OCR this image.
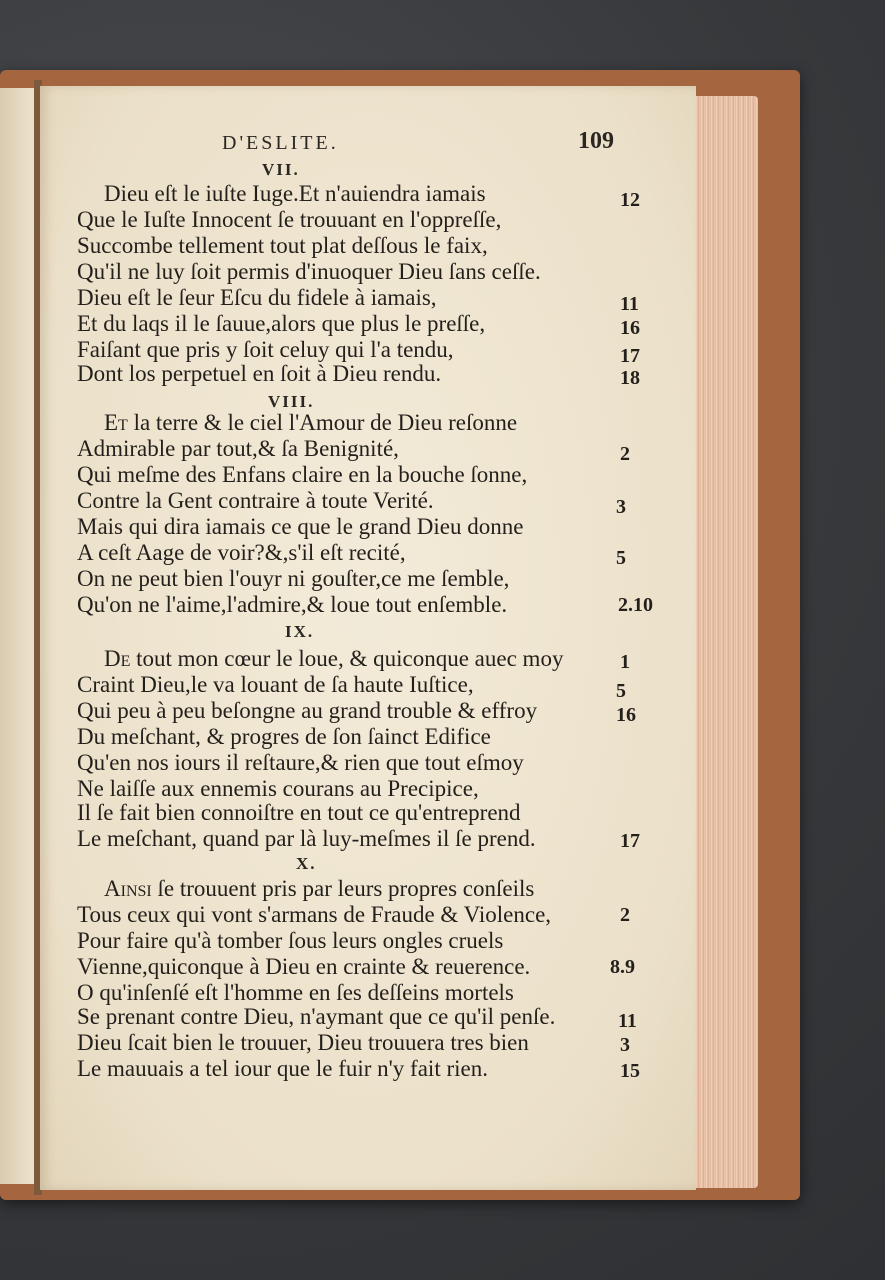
D'ESLITE.	109
VII.
Dieu eſt le iuſte Iuge.Et n'auiendra iamais	12
Que le Iuſte Innocent ſe trouuant en l'oppreſſe,
Succombe tellement tout plat deſſous le faix,
Qu'il ne luy ſoit permis d'inuoquer Dieu ſans ceſſe.
Dieu eſt le ſeur Eſcu du fidele à iamais,	11
Et du laqs il le ſauue,alors que plus le preſſe,	16
Faiſant que pris y ſoit celuy qui l'a tendu,	17
Dont los perpetuel en ſoit à Dieu rendu.	18
VIII.
Et la terre & le ciel l'Amour de Dieu reſonne
Admirable par tout,& ſa Benignité,	2
Qui meſme des Enfans claire en la bouche ſonne,
Contre la Gent contraire à toute Verité.	3
Mais qui dira iamais ce que le grand Dieu donne
A ceſt Aage de voir?&,s'il eſt recité,	5
On ne peut bien l'ouyr ni gouſter,ce me ſemble,
Qu'on ne l'aime,l'admire,& loue tout enſemble.	2.10
IX.
De tout mon cœur le loue, & quiconque auec moy	1
Craint Dieu,le va louant de ſa haute Iuſtice,	5
Qui peu à peu beſongne au grand trouble & effroy	16
Du meſchant, & progres de ſon ſainct Edifice
Qu'en nos iours il reſtaure,& rien que tout eſmoy
Ne laiſſe aux ennemis courans au Precipice,
Il ſe fait bien connoiſtre en tout ce qu'entreprend
Le meſchant, quand par là luy-meſmes il ſe prend.	17
X.
Ainsi ſe trouuent pris par leurs propres conſeils
Tous ceux qui vont s'armans de Fraude & Violence,	2
Pour faire qu'à tomber ſous leurs ongles cruels
Vienne,quiconque à Dieu en crainte & reuerence.	8.9
O qu'inſenſé eſt l'homme en ſes deſſeins mortels
Se prenant contre Dieu, n'aymant que ce qu'il penſe.	11
Dieu ſcait bien le trouuer, Dieu trouuera tres bien	3
Le mauuais a tel iour que le fuir n'y fait rien.	15
